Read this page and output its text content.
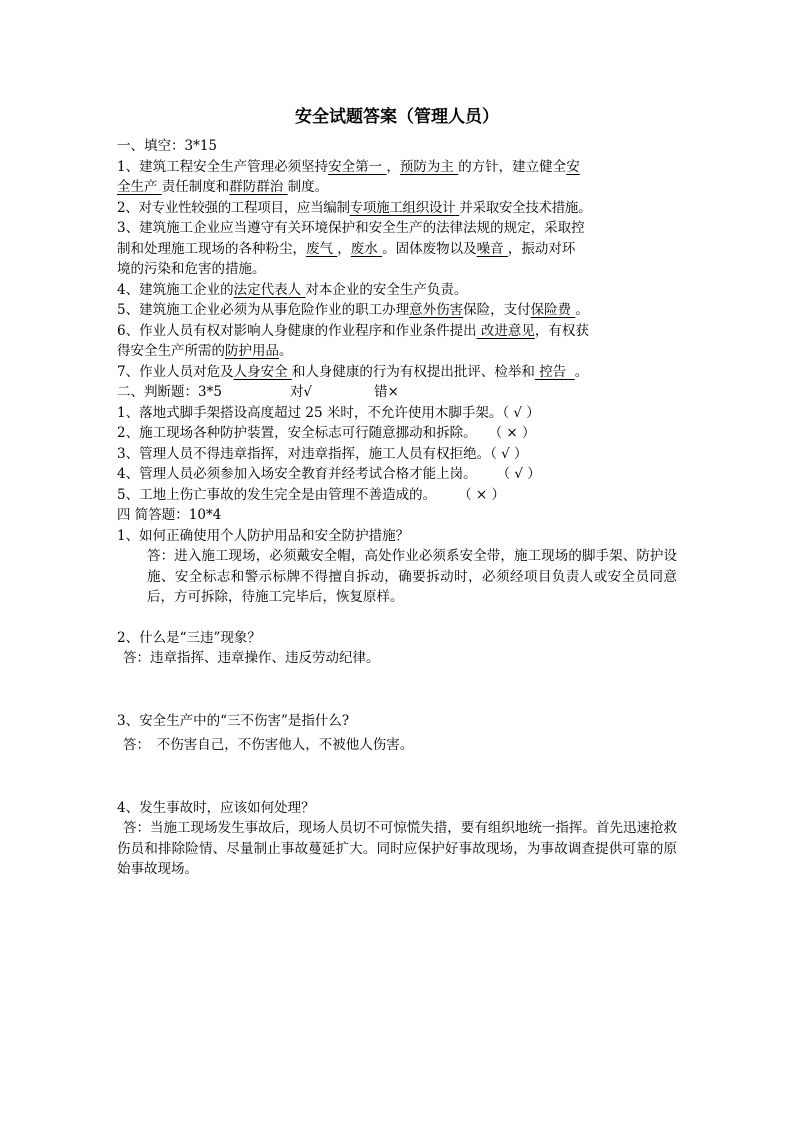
安全试题答案（管理人员）
一、填空：3*15
1、建筑工程安全生产管理必须坚持安全第一 ，预防为主 的方针，建立健全安
全生产 责任制度和群防群治 制度。
2、对专业性较强的工程项目，应当编制专项施工组织设计 并采取安全技术措施。
3、建筑施工企业应当遵守有关环境保护和安全生产的法律法规的规定，采取控
制和处理施工现场的各种粉尘，废气 ，废水 。固体废物以及噪音 ，振动对环
境的污染和危害的措施。
4、建筑施工企业的法定代表人 对本企业的安全生产负责。
5、建筑施工企业必须为从事危险作业的职工办理意外伤害保险，支付保险费 。
6、作业人员有权对影响人身健康的作业程序和作业条件提出 改进意见，有权获
得安全生产所需的防护用品。
7、作业人员对危及人身安全 和人身健康的行为有权提出批评、检举和 控告 。
二、判断题：3*5	对√	错×
1、落地式脚手架搭设高度超过 25 米时，不允许使用木脚手架。（ √ ）
2、施工现场各种防护装置，安全标志可行随意挪动和拆除。 （ × ）
3、管理人员不得违章指挥，对违章指挥，施工人员有权拒绝。（ √ ）
4、管理人员必须参加入场安全教育并经考试合格才能上岗。 （ √ ）
5、工地上伤亡事故的发生完全是由管理不善造成的。 （ × ）
四 简答题：10*4
1、如何正确使用个人防护用品和安全防护措施？
答：进入施工现场，必须戴安全帽，高处作业必须系安全带，施工现场的脚手架、防护设施、安全标志和警示标牌不得擅自拆动，确要拆动时，必须经项目负责人或安全员同意后，方可拆除，待施工完毕后，恢复原样。
2、什么是“三违”现象？
答：违章指挥、违章操作、违反劳动纪律。
3、安全生产中的“三不伤害”是指什么?
答：　不伤害自己，不伤害他人，不被他人伤害。
4、发生事故时，应该如何处理？
答：当施工现场发生事故后，现场人员切不可惊慌失措，要有组织地统一指挥。首先迅速抢救伤员和排除险情、尽量制止事故蔓延扩大。同时应保护好事故现场，为事故调查提供可靠的原始事故现场。
